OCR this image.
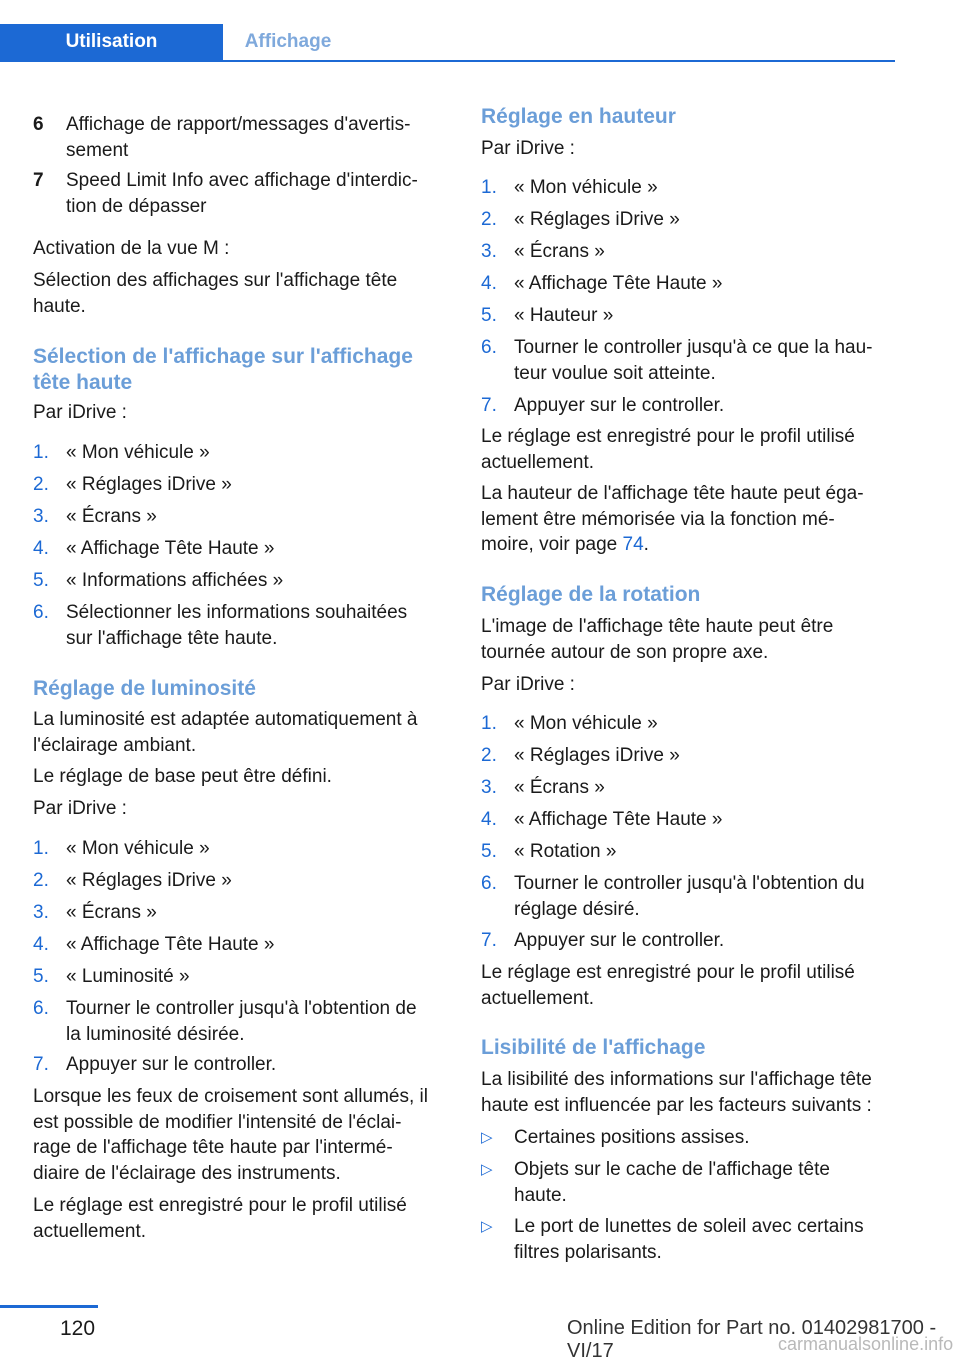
Utilisation	Affichage
6	Affichage de rapport/messages d'avertis-
sement
7	Speed Limit Info avec affichage d'interdic-
tion de dépasser
Activation de la vue M :
Sélection des affichages sur l'affichage tête
haute.
Sélection de l'affichage sur l'affichage
tête haute
Par iDrive :
1. « Mon véhicule »
2. « Réglages iDrive »
3. « Écrans »
4. « Affichage Tête Haute »
5. « Informations affichées »
6. Sélectionner les informations souhaitées
sur l'affichage tête haute.
Réglage de luminosité
La luminosité est adaptée automatiquement à
l'éclairage ambiant.
Le réglage de base peut être défini.
Par iDrive :
1. « Mon véhicule »
2. « Réglages iDrive »
3. « Écrans »
4. « Affichage Tête Haute »
5. « Luminosité »
6. Tourner le controller jusqu'à l'obtention de
la luminosité désirée.
7. Appuyer sur le controller.
Lorsque les feux de croisement sont allumés, il
est possible de modifier l'intensité de l'éclai-
rage de l'affichage tête haute par l'intermé-
diaire de l'éclairage des instruments.
Le réglage est enregistré pour le profil utilisé
actuellement.
Réglage en hauteur
Par iDrive :
1. « Mon véhicule »
2. « Réglages iDrive »
3. « Écrans »
4. « Affichage Tête Haute »
5. « Hauteur »
6. Tourner le controller jusqu'à ce que la hau-
teur voulue soit atteinte.
7. Appuyer sur le controller.
Le réglage est enregistré pour le profil utilisé
actuellement.
La hauteur de l'affichage tête haute peut éga-
lement être mémorisée via la fonction mé-
moire, voir page 74.
Réglage de la rotation
L'image de l'affichage tête haute peut être
tournée autour de son propre axe.
Par iDrive :
1. « Mon véhicule »
2. « Réglages iDrive »
3. « Écrans »
4. « Affichage Tête Haute »
5. « Rotation »
6. Tourner le controller jusqu'à l'obtention du
réglage désiré.
7. Appuyer sur le controller.
Le réglage est enregistré pour le profil utilisé
actuellement.
Lisibilité de l'affichage
La lisibilité des informations sur l'affichage tête
haute est influencée par les facteurs suivants :
▷	Certaines positions assises.
▷	Objets sur le cache de l'affichage tête
haute.
▷	Le port de lunettes de soleil avec certains
filtres polarisants.
120	Online Edition for Part no. 01402981700 - VI/17	carmanualsonline.info
